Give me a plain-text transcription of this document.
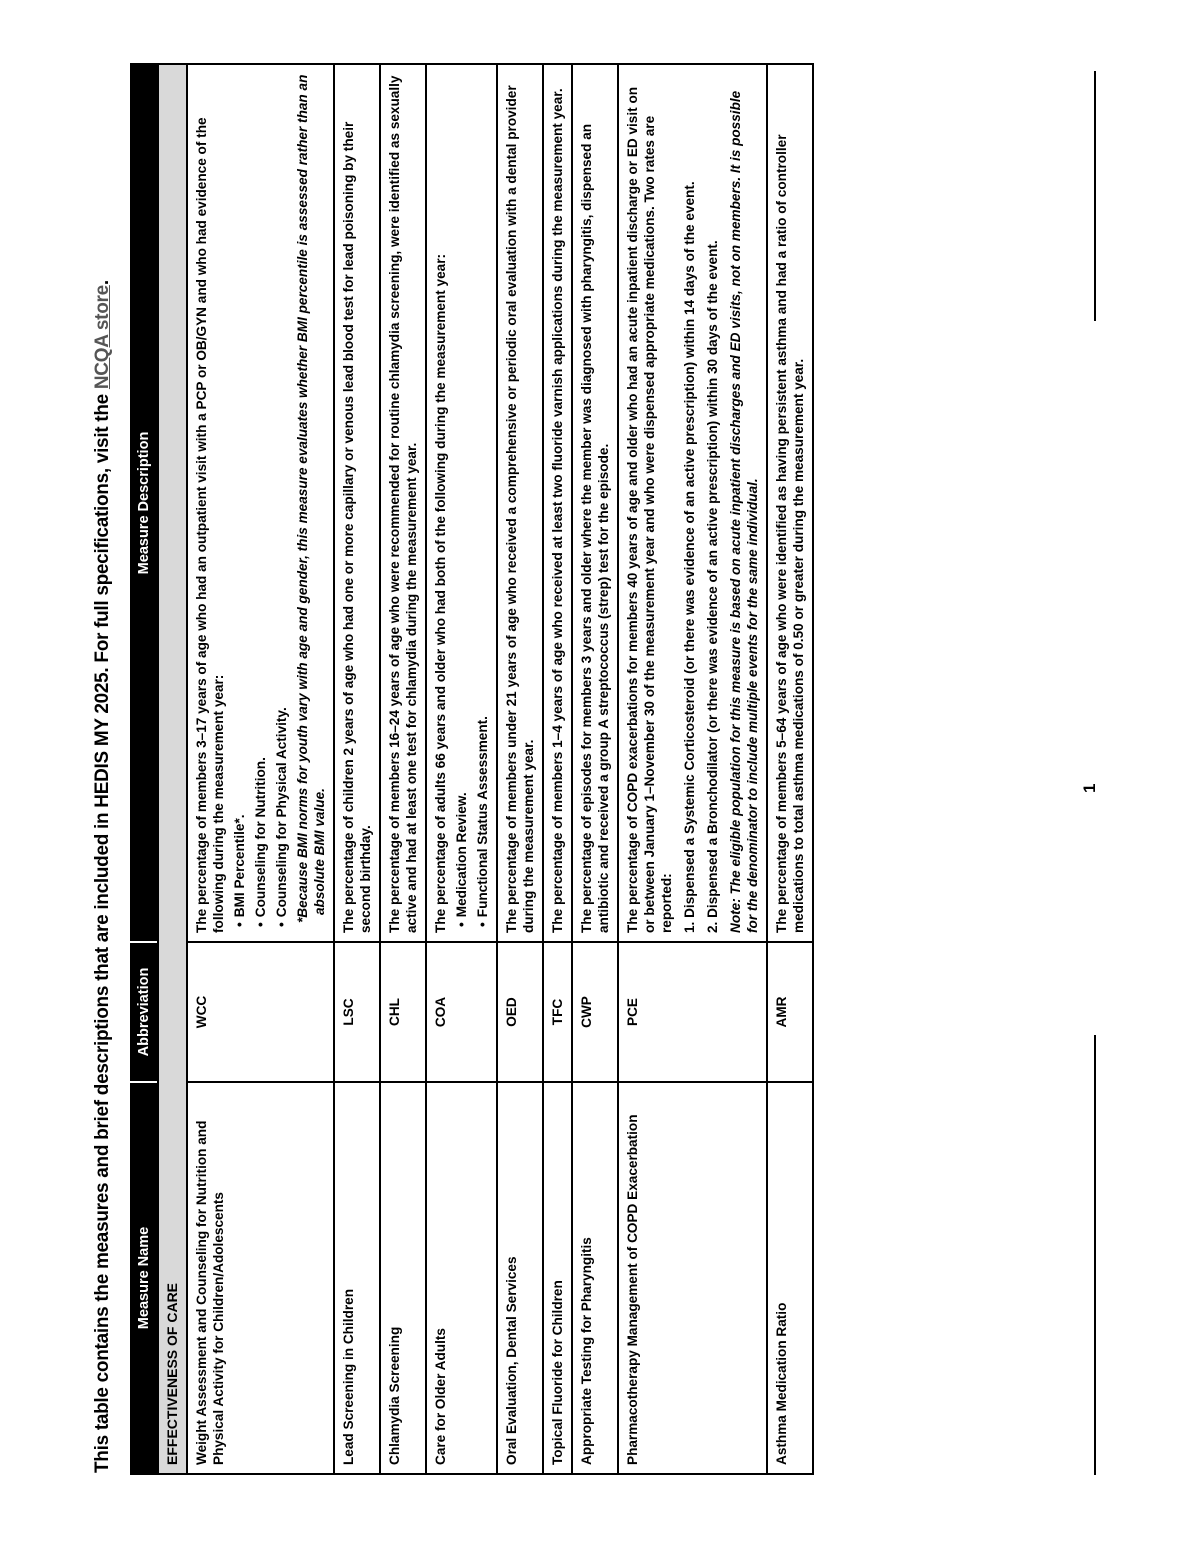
This table contains the measures and brief descriptions that are included in HEDIS MY 2025. For full specifications, visit the NCQA store.
Measure Name	Abbreviation	Measure Description
EFFECTIVENESS OF CARE		
Weight Assessment and Counseling for Nutrition and Physical Activity for Children/Adolescents	WCC	The percentage of members 3–17 years of age who had an outpatient visit with a PCP or OB/GYN and who had evidence of the following during the measurement year: • BMI Percentile*. • Counseling for Nutrition. • Counseling for Physical Activity. *Because BMI norms for youth vary with age and gender, this measure evaluates whether BMI percentile is assessed rather than an absolute BMI value.

Lead Screening in Children	LSC	The percentage of children 2 years of age who had one or more capillary or venous lead blood test for lead poisoning by their second birthday.
Chlamydia Screening	CHL	The percentage of members 16–24 years of age who were recommended for routine chlamydia screening, were identified as sexually active and had at least one test for chlamydia during the measurement year.
Care for Older Adults	COA	The percentage of adults 66 years and older who had both of the following during the measurement year: • Medication Review. • Functional Status Assessment.

Oral Evaluation, Dental Services	OED	The percentage of members under 21 years of age who received a comprehensive or periodic oral evaluation with a dental provider during the measurement year.
Topical Fluoride for Children	TFC	The percentage of members 1–4 years of age who received at least two fluoride varnish applications during the measurement year.
Appropriate Testing for Pharyngitis	CWP	The percentage of episodes for members 3 years and older where the member was diagnosed with pharyngitis, dispensed an antibiotic and received a group A streptococcus (strep) test for the episode.
Pharmacotherapy Management of COPD Exacerbation	PCE	The percentage of COPD exacerbations for members 40 years of age and older who had an acute inpatient discharge or ED visit on or between January 1–November 30 of the measurement year and who were dispensed appropriate medications. Two rates are reported: 1. Dispensed a Systemic Corticosteroid (or there was evidence of an active prescription) within 14 days of the event. 2. Dispensed a Bronchodilator (or there was evidence of an active prescription) within 30 days of the event. Note: The eligible population for this measure is based on acute inpatient discharges and ED visits, not on members. It is possible for the denominator to include multiple events for the same individual.

Asthma Medication Ratio	AMR	The percentage of members 5–64 years of age who were identified as having persistent asthma and had a ratio of controller medications to total asthma medications of 0.50 or greater during the measurement year.	1
